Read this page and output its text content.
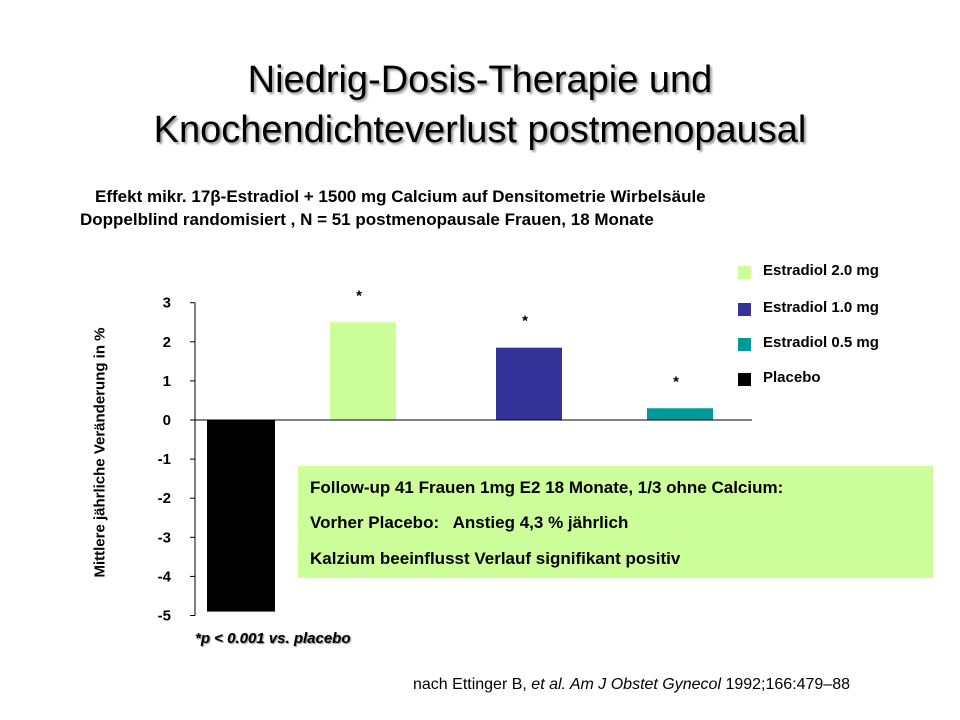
Niedrig-Dosis-Therapie und
Knochendichteverlust postmenopausal
Effekt mikr. 17β-Estradiol + 1500 mg Calcium auf Densitometrie Wirbelsäule
Doppelblind randomisiert , N = 51 postmenopausale Frauen, 18 Monate
Mittlere jährliche Veränderung in %
3
2
1
0
-1
-2
-3
-4
-5
*
*
*
*p < 0.001 vs. placebo
Estradiol 2.0 mg
Estradiol 1.0 mg
Estradiol 0.5 mg
Placebo
Follow-up 41 Frauen 1mg E2 18 Monate, 1/3 ohne Calcium:
Vorher Placebo:   Anstieg 4,3 % jährlich
Kalzium beeinflusst Verlauf signifikant positiv
nach Ettinger B, et al. Am J Obstet Gynecol 1992;166:479–88
